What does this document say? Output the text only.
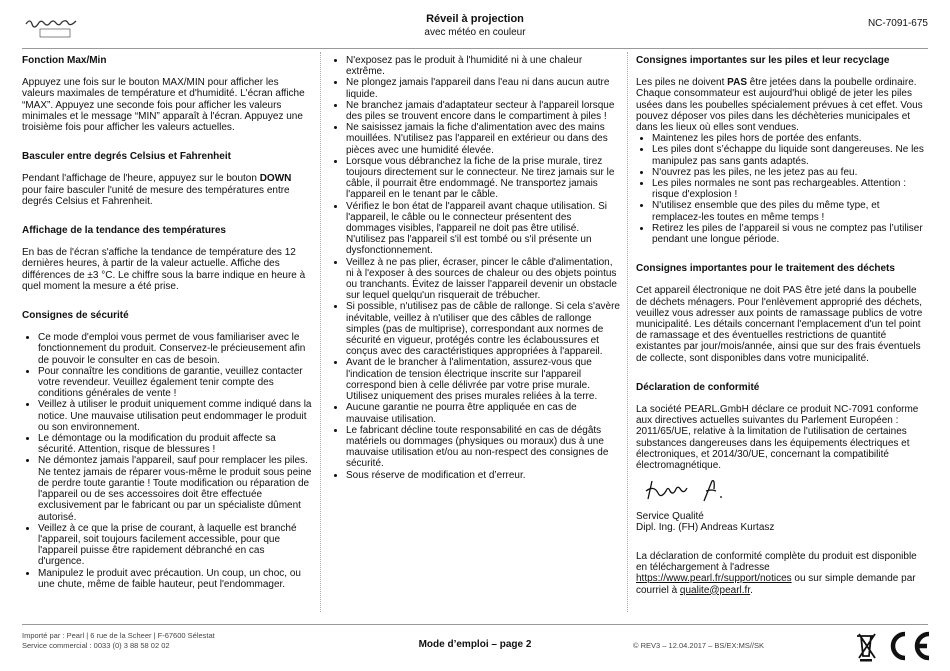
Réveil à projection
avec météo en couleur
NC-7091-675
Fonction Max/Min

Appuyez une fois sur le bouton MAX/MIN pour afficher les valeurs maximales de température et d'humidité. L'écran affiche “MAX”. Appuyez une seconde fois pour afficher les valeurs minimales et le message “MIN” apparaît à l'écran. Appuyez une troisième fois pour afficher les valeurs actuelles.

Basculer entre degrés Celsius et Fahrenheit

Pendant l'affichage de l'heure, appuyez sur le bouton DOWN pour faire basculer l'unité de mesure des températures entre degrés Celsius et Fahrenheit.

Affichage de la tendance des températures

En bas de l'écran s'affiche la tendance de température des 12 dernières heures, à partir de la valeur actuelle. Affiche des différences de ±3 °C. Le chiffre sous la barre indique en heure à quel moment la mesure a été prise.

Consignes de sécurité
• Ce mode d'emploi vous permet de vous familiariser avec le fonctionnement du produit. Conservez-le précieusement afin de pouvoir le consulter en cas de besoin.
• Pour connaître les conditions de garantie, veuillez contacter votre revendeur. Veuillez également tenir compte des conditions générales de vente !
• Veillez à utiliser le produit uniquement comme indiqué dans la notice. Une mauvaise utilisation peut endommager le produit ou son environnement.
• Le démontage ou la modification du produit affecte sa sécurité. Attention, risque de blessures !
• Ne démontez jamais l'appareil, sauf pour remplacer les piles. Ne tentez jamais de réparer vous-même le produit sous peine de perdre toute garantie ! Toute modification ou réparation de l'appareil ou de ses accessoires doit être effectuée exclusivement par le fabricant ou par un spécialiste dûment autorisé.
• Veillez à ce que la prise de courant, à laquelle est branché l'appareil, soit toujours facilement accessible, pour que l'appareil puisse être rapidement débranché en cas d'urgence.
• Manipulez le produit avec précaution. Un coup, un choc, ou une chute, même de faible hauteur, peut l'endommager.
• N'exposez pas le produit à l'humidité ni à une chaleur extrême.
• Ne plongez jamais l'appareil dans l'eau ni dans aucun autre liquide.
• Ne branchez jamais d'adaptateur secteur à l'appareil lorsque des piles se trouvent encore dans le compartiment à piles !
• Ne saisissez jamais la fiche d'alimentation avec des mains mouillées. N'utilisez pas l'appareil en extérieur ou dans des pièces avec une humidité élevée.
• Lorsque vous débranchez la fiche de la prise murale, tirez toujours directement sur le connecteur. Ne tirez jamais sur le câble, il pourrait être endommagé. Ne transportez jamais l'appareil en le tenant par le câble.
• Vérifiez le bon état de l'appareil avant chaque utilisation. Si l'appareil, le câble ou le connecteur présentent des dommages visibles, l'appareil ne doit pas être utilisé. N'utilisez pas l'appareil s'il est tombé ou s'il présente un dysfonctionnement.
• Veillez à ne pas plier, écraser, pincer le câble d'alimentation, ni à l'exposer à des sources de chaleur ou des objets pointus ou tranchants. Évitez de laisser l'appareil devenir un obstacle sur lequel quelqu'un risquerait de trébucher.
• Si possible, n'utilisez pas de câble de rallonge. Si cela s'avère inévitable, veillez à n'utiliser que des câbles de rallonge simples (pas de multiprise), correspondant aux normes de sécurité en vigueur, protégés contre les éclaboussures et conçus avec des caractéristiques appropriées à l'appareil.
• Avant de le brancher à l'alimentation, assurez-vous que l'indication de tension électrique inscrite sur l'appareil correspond bien à celle délivrée par votre prise murale. Utilisez uniquement des prises murales reliées à la terre.
• Aucune garantie ne pourra être appliquée en cas de mauvaise utilisation.
• Le fabricant décline toute responsabilité en cas de dégâts matériels ou dommages (physiques ou moraux) dus à une mauvaise utilisation et/ou au non-respect des consignes de sécurité.
• Sous réserve de modification et d’erreur.
Consignes importantes sur les piles et leur recyclage

Les piles ne doivent PAS être jetées dans la poubelle ordinaire. Chaque consommateur est aujourd'hui obligé de jeter les piles usées dans les poubelles spécialement prévues à cet effet. Vous pouvez déposer vos piles dans les déchèteries municipales et dans les lieux où elles sont vendues.

• Maintenez les piles hors de portée des enfants.
• Les piles dont s’échappe du liquide sont dangereuses. Ne les manipulez pas sans gants adaptés.
• N'ouvrez pas les piles, ne les jetez pas au feu.
• Les piles normales ne sont pas rechargeables. Attention : risque d'explosion !
• N'utilisez ensemble que des piles du même type, et remplacez-les toutes en même temps !
• Retirez les piles de l’appareil si vous ne comptez pas l’utiliser pendant une longue période.
Consignes importantes pour le traitement des déchets

Cet appareil électronique ne doit PAS être jeté dans la poubelle de déchets ménagers. Pour l'enlèvement approprié des déchets, veuillez vous adresser aux points de ramassage publics de votre municipalité. Les détails concernant l'emplacement d'un tel point de ramassage et des éventuelles restrictions de quantité existantes par jour/mois/année, ainsi que sur des frais éventuels de collecte, sont disponibles dans votre municipalité.

Déclaration de conformité

La société PEARL.GmbH déclare ce produit NC-7091 conforme aux directives actuelles suivantes du Parlement Européen : 2011/65/UE, relative à la limitation de l'utilisation de certaines substances dangereuses dans les équipements électriques et électroniques, et 2014/30/UE, concernant la compatibilité électromagnétique.

Service Qualité
Dipl. Ing. (FH) Andreas Kurtasz

La déclaration de conformité complète du produit est disponible en téléchargement à l'adresse https://www.pearl.fr/support/notices ou sur simple demande par courriel à qualite@pearl.fr.

Importé par : Pearl | 6 rue de la Scheer | F-67600 Sélestat
Service commercial : 0033 (0) 3 88 58 02 02	Mode d’emploi – page 2	© REV3 – 12.04.2017 – BS/EX:MS//SK
